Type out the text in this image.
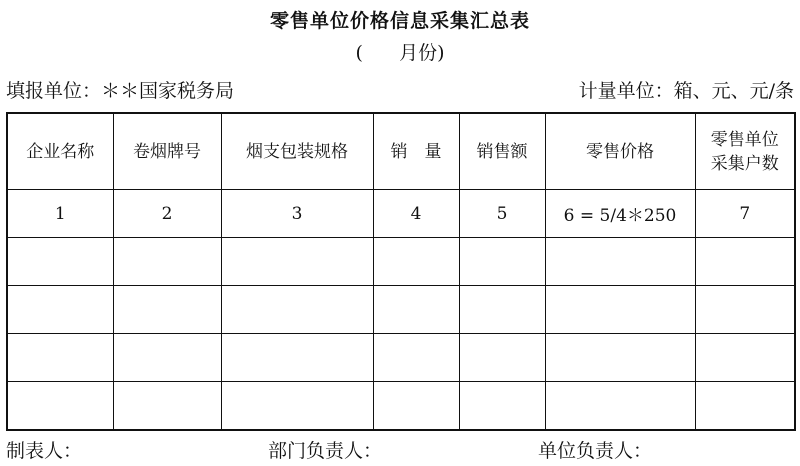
零售单位价格信息采集汇总表
(      月份)
填报单位：＊＊国家税务局	计量单位：箱、元、元/条
企业名称	卷烟牌号	烟支包装规格	销　量	销售额	零售价格	零售单位
采集户数
1	2	3	4	5	6 = 5/4＊250	7

制表人：	部门负责人：	单位负责人：
